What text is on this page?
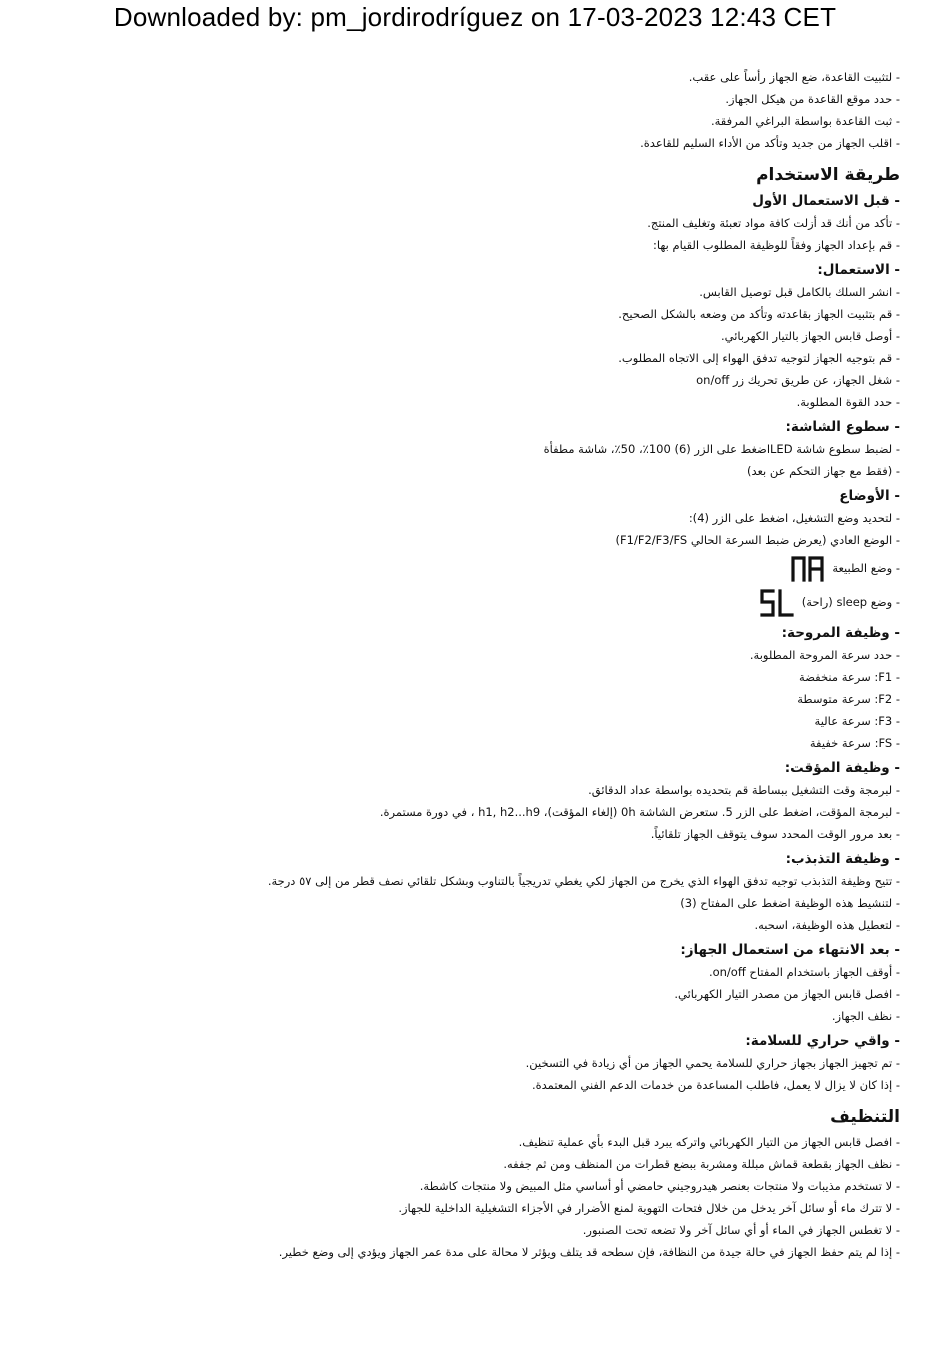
Downloaded by: pm_jordirodríguez on 17-03-2023 12:43 CET
- لتثبيت القاعدة، ضع الجهاز رأساً على عقب.
- حدد موقع القاعدة من هيكل الجهاز.
- ثبت القاعدة بواسطة البراغي المرفقة.
- اقلب الجهاز من جديد وتأكد من الأداء السليم للقاعدة.
طريقة الاستخدام
- قبل الاستعمال الأول
- تأكد من أنك قد أزلت كافة مواد تعبئة وتغليف المنتج.
- قم بإعداد الجهاز وفقاً للوظيفة المطلوب القيام بها:
- الاستعمال:
- انشر السلك بالكامل قبل توصيل القابس.
- قم بتثبيت الجهاز بقاعدته وتأكد من وضعه بالشكل الصحيح.
- أوصل قابس الجهاز بالتيار الكهربائي.
- قم بتوجيه الجهاز لتوجيه تدفق الهواء إلى الاتجاه المطلوب.
- شغل الجهاز، عن طريق تحريك زر on/off
- حدد القوة المطلوبة.
- سطوع الشاشة:
- لضبط سطوع شاشة LEDاضغط على الزر (6) 100٪، 50٪، شاشة مطفأة
- (فقط مع جهاز التحكم عن بعد)
- الأوضاع
- لتحديد وضع التشغيل، اضغط على الزر (4):
- الوضع العادي (يعرض ضبط السرعة الحالي F1/F2/F3/FS)
- وضع الطبيعة
- وضع sleep (راحة)
- وظيفة المروحة:
- حدد سرعة المروحة المطلوبة.
- F1: سرعة منخفضة
- F2: سرعة متوسطة
- F3: سرعة عالية
- FS: سرعة خفيفة
- وظيفة المؤقت:
- لبرمجة وقت التشغيل ببساطة قم بتحديده بواسطة عداد الدقائق.
- لبرمجة المؤقت، اضغط على الزر 5. ستعرض الشاشة 0h (إلغاء المؤقت)، h1, h2...h9 ، في دورة مستمرة.
- بعد مرور الوقت المحدد سوف يتوقف الجهاز تلقائياً.
- وظيفة التذبذب:
- تتيح وظيفة التذبذب توجيه تدفق الهواء الذي يخرج من الجهاز لكي يغطي تدريجياً بالتناوب وبشكل تلقائي نصف قطر من إلى ٥٧ درجة.
- لتنشيط هذه الوظيفة اضغط على المفتاح (3)
- لتعطيل هذه الوظيفة، اسحبه.
- بعد الانتهاء من استعمال الجهاز:
- أوقف الجهاز باستخدام المفتاح on/off.
- افصل قابس الجهاز من مصدر التيار الكهربائي.
- نظف الجهاز.
- واقي حراري للسلامة:
- تم تجهيز الجهاز بجهاز حراري للسلامة يحمي الجهاز من أي زيادة في التسخين.
- إذا كان لا يزال لا يعمل، فاطلب المساعدة من خدمات الدعم الفني المعتمدة.
التنظيف
- افصل قابس الجهاز من التيار الكهربائي واتركه يبرد قبل البدء بأي عملية تنظيف.
- نظف الجهاز بقطعة قماش مبللة ومشربة ببضع قطرات من المنظف ومن ثم جففه.
- لا تستخدم مذيبات ولا منتجات بعنصر هيدروجيني حامضي أو أساسي مثل المبيض ولا منتجات كاشطة.
- لا تترك ماء أو سائل آخر يدخل من خلال فتحات التهوية لمنع الأضرار في الأجزاء التشغيلية الداخلية للجهاز.
- لا تغطس الجهاز في الماء أو أي سائل آخر ولا تضعه تحت الصنبور.
- إذا لم يتم حفظ الجهاز في حالة جيدة من النظافة، فإن سطحه قد يتلف ويؤثر لا محالة على مدة عمر الجهاز ويؤدي إلى وضع خطير.
